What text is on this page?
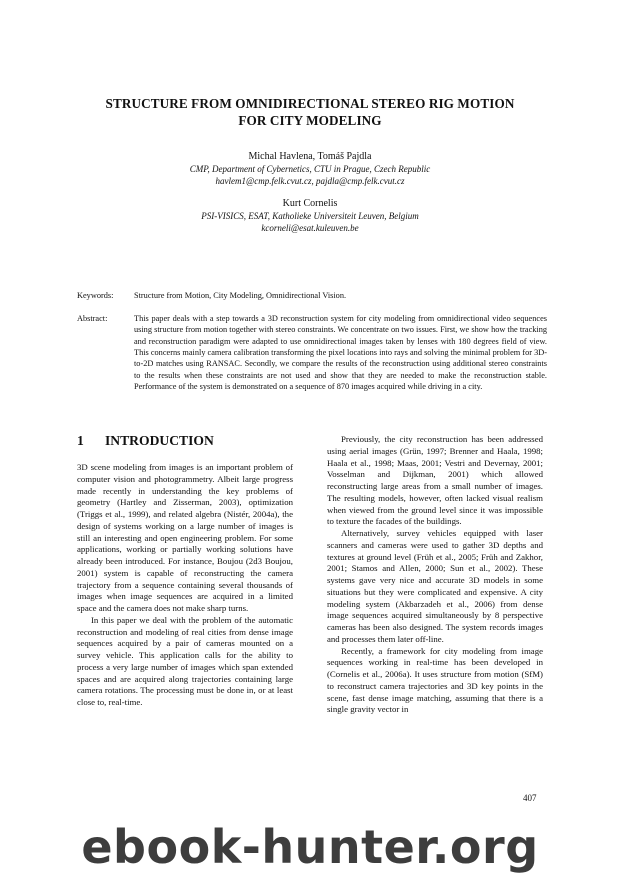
STRUCTURE FROM OMNIDIRECTIONAL STEREO RIG MOTION
FOR CITY MODELING
Michal Havlena, Tomáš Pajdla
CMP, Department of Cybernetics, CTU in Prague, Czech Republic
havlem1@cmp.felk.cvut.cz, pajdla@cmp.felk.cvut.cz
Kurt Cornelis
PSI-VISICS, ESAT, Katholieke Universiteit Leuven, Belgium
kcorneli@esat.kuleuven.be
Keywords: Structure from Motion, City Modeling, Omnidirectional Vision.
Abstract:	This paper deals with a step towards a 3D reconstruction system for city modeling from omnidirectional video sequences using structure from motion together with stereo constraints. We concentrate on two issues. First, we show how the tracking and reconstruction paradigm were adapted to use omnidirectional images taken by lenses with 180 degrees field of view. This concerns mainly camera calibration transforming the pixel locations into rays and solving the minimal problem for 3D-to-2D matches using RANSAC. Secondly, we compare the results of the reconstruction using additional stereo constraints to the results when these constraints are not used and show that they are needed to make the reconstruction stable. Performance of the system is demonstrated on a sequence of 870 images acquired while driving in a city.
1 INTRODUCTION

3D scene modeling from images is an important problem of computer vision and photogrammetry. Albeit large progress made recently in understanding the key problems of geometry (Hartley and Zisserman, 2003), optimization (Triggs et al., 1999), and related algebra (Nistér, 2004a), the design of systems working on a large number of images is still an interesting and open engineering problem. For some applications, working or partially working solutions have already been introduced. For instance, Boujou (2d3 Boujou, 2001) system is capable of reconstructing the camera trajectory from a sequence containing several thousands of images when image sequences are acquired in a limited space and the camera does not make sharp turns.

In this paper we deal with the problem of the automatic reconstruction and modeling of real cities from dense image sequences acquired by a pair of cameras mounted on a survey vehicle. This application calls for the ability to process a very large number of images which span extended spaces and are acquired along trajectories containing large camera rotations. The processing must be done in, or at least close to, real-time.

Previously, the city reconstruction has been addressed using aerial images (Grün, 1997; Brenner and Haala, 1998; Haala et al., 1998; Maas, 2001; Vestri and Devernay, 2001; Vosselman and Dijkman, 2001) which allowed reconstructing large areas from a small number of images. The resulting models, however, often lacked visual realism when viewed from the ground level since it was impossible to texture the facades of the buildings.

Alternatively, survey vehicles equipped with laser scanners and cameras were used to gather 3D depths and textures at ground level (Früh et al., 2005; Früh and Zakhor, 2001; Stamos and Allen, 2000; Sun et al., 2002). These systems gave very nice and accurate 3D models in some situations but they were complicated and expensive. A city modeling system (Akbarzadeh et al., 2006) from dense image sequences acquired simultaneously by 8 perspective cameras has been also designed. The system records images and processes them later off-line.

Recently, a framework for city modeling from image sequences working in real-time has been developed in (Cornelis et al., 2006a). It uses structure from motion (SfM) to reconstruct camera trajectories and 3D key points in the scene, fast dense image matching, assuming that there is a single gravity vector in

407
ebook-hunter.org
